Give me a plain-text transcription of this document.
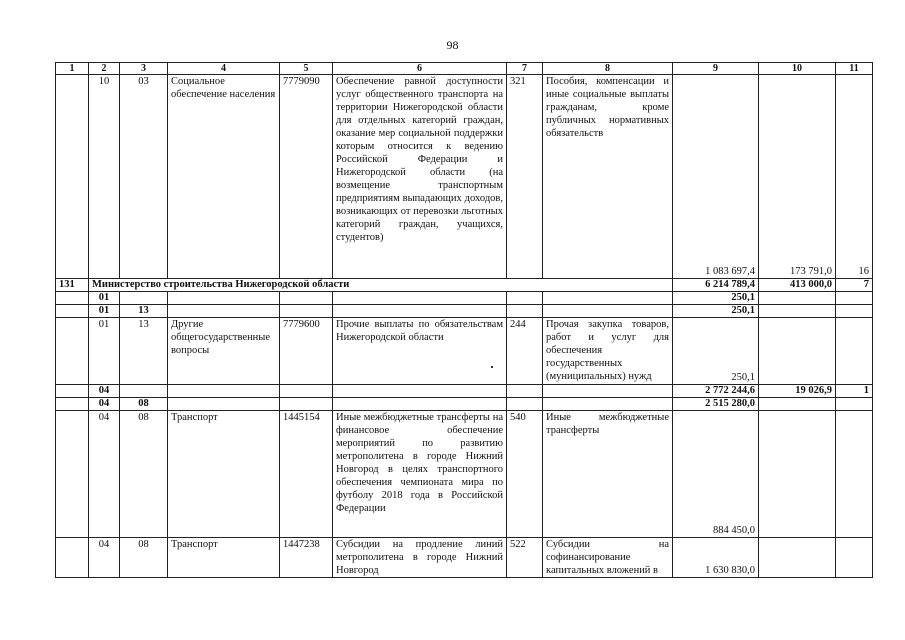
98
1	2	3	4	5	6	7	8	9	10	11
	10	03	Социальное обеспечение населения	7779090	Обеспечение равной доступности услуг общественного транспорта на территории Нижегородской области для отдельных категорий граждан, оказание мер социальной поддержки которым относится к ведению Российской Федерации и Нижегородской области (на возмещение транспортным предприятиям выпадающих доходов, возникающих от перевозки льготных категорий граждан, учащихся, студентов)	321	Пособия, компенсации и иные социальные выплаты гражданам, кроме публичных нормативных обязательств	1 083 697,4	173 791,0	16
131	Министерство строительства Нижегородской области							6 214 789,4	413 000,0	7
	01							250,1		
	01	13						250,1		
	01	13	Другие общегосударственные вопросы	7779600	Прочие выплаты по обязательствам Нижегородской области	244	Прочая закупка товаров, работ и услуг для обеспечения государственных (муниципальных) нужд	250,1		
	04							2 772 244,6	19 026,9	1
	04	08						2 515 280,0		
	04	08	Транспорт	1445154	Иные межбюджетные трансферты на финансовое обеспечение мероприятий по развитию метрополитена в городе Нижний Новгород в целях транспортного обеспечения чемпионата мира по футболу 2018 года в Российской Федерации	540	Иные межбюджетные трансферты	884 450,0		
	04	08	Транспорт	1447238	Субсидии на продление линий метрополитена в городе Нижний Новгород	522	Субсидии на софинансирование капитальных вложений в	1 630 830,0		
